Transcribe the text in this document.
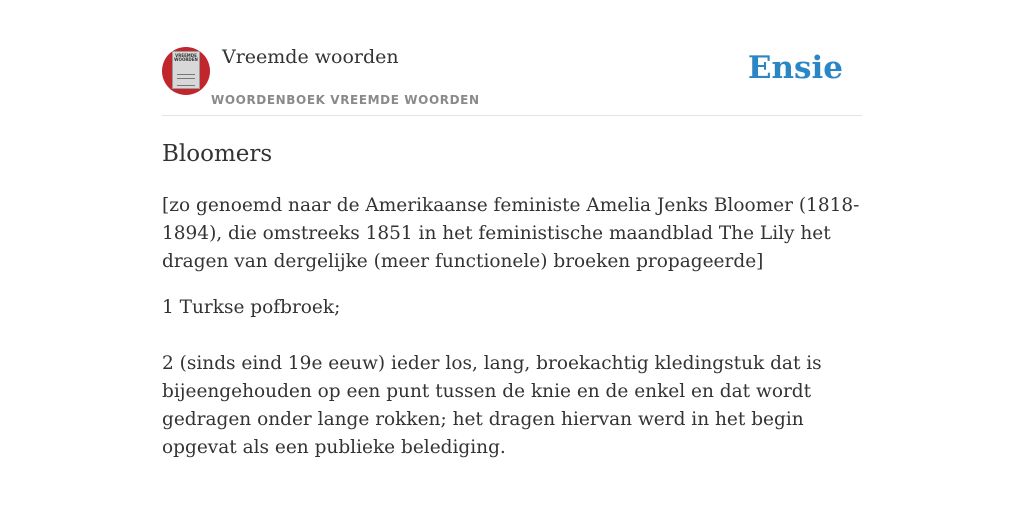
VREEMDE WOORDEN Vreemde woorden
WOORDENBOEK VREEMDE WOORDEN
Ensie
Bloomers

[zo genoemd naar de Amerikaanse feministe Amelia Jenks Bloomer (1818-1894), die omstreeks 1851 in het feministische maandblad The Lily het dragen van dergelijke (meer functionele) broeken propageerde]

1 Turkse pofbroek;

2 (sinds eind 19e eeuw) ieder los, lang, broekachtig kledingstuk dat is bijeengehouden op een punt tussen de knie en de enkel en dat wordt gedragen onder lange rokken; het dragen hiervan werd in het begin opgevat als een publieke belediging.
